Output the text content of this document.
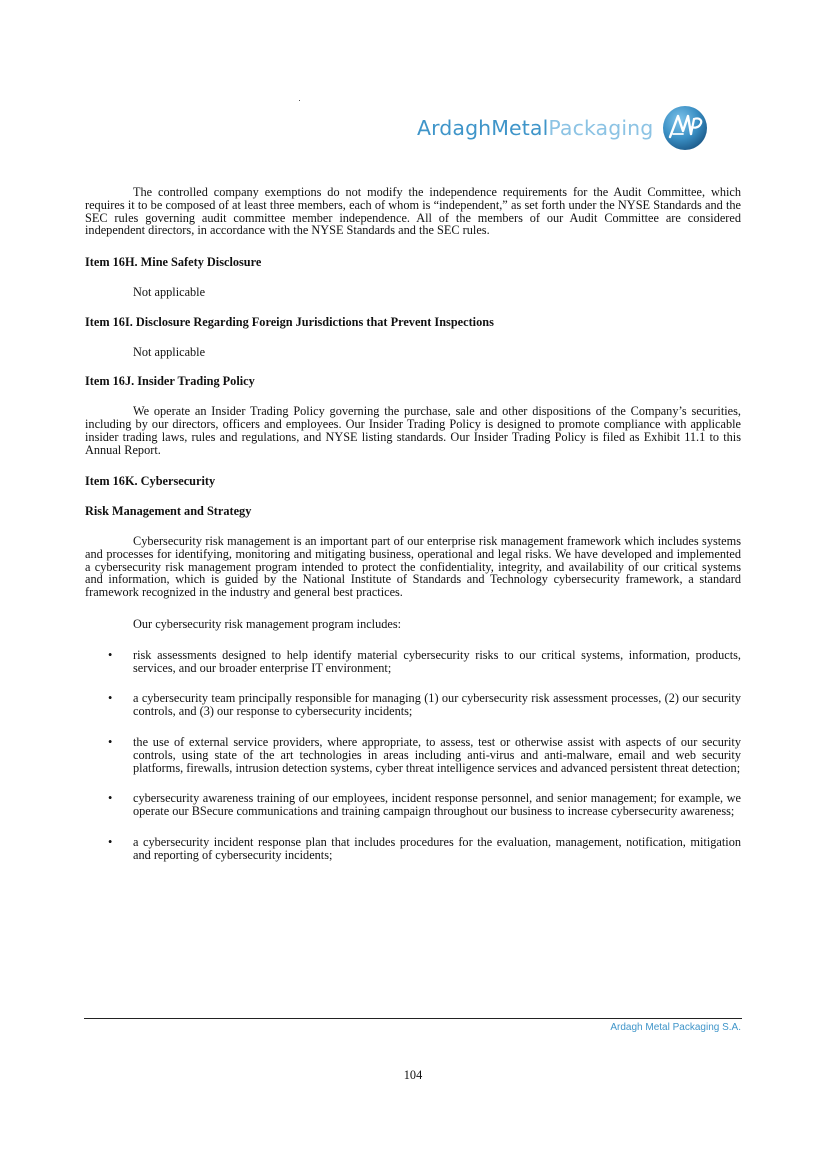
ArdaghMetalPackaging

The controlled company exemptions do not modify the independence requirements for the Audit Committee, which requires it to be composed of at least three members, each of whom is “independent,” as set forth under the NYSE Standards and the SEC rules governing audit committee member independence. All of the members of our Audit Committee are considered independent directors, in accordance with the NYSE Standards and the SEC rules.

Item 16H. Mine Safety Disclosure

Not applicable

Item 16I. Disclosure Regarding Foreign Jurisdictions that Prevent Inspections

Not applicable

Item 16J. Insider Trading Policy

We operate an Insider Trading Policy governing the purchase, sale and other dispositions of the Company’s securities, including by our directors, officers and employees. Our Insider Trading Policy is designed to promote compliance with applicable insider trading laws, rules and regulations, and NYSE listing standards. Our Insider Trading Policy is filed as Exhibit 11.1 to this Annual Report.

Item 16K. Cybersecurity

Risk Management and Strategy

Cybersecurity risk management is an important part of our enterprise risk management framework which includes systems and processes for identifying, monitoring and mitigating business, operational and legal risks. We have developed and implemented a cybersecurity risk management program intended to protect the confidentiality, integrity, and availability of our critical systems and information, which is guided by the National Institute of Standards and Technology cybersecurity framework, a standard framework recognized in the industry and general best practices.

Our cybersecurity risk management program includes:

• risk assessments designed to help identify material cybersecurity risks to our critical systems, information, products, services, and our broader enterprise IT environment;
• a cybersecurity team principally responsible for managing (1) our cybersecurity risk assessment processes, (2) our security controls, and (3) our response to cybersecurity incidents;
• the use of external service providers, where appropriate, to assess, test or otherwise assist with aspects of our security controls, using state of the art technologies in areas including anti-virus and anti-malware, email and web security platforms, firewalls, intrusion detection systems, cyber threat intelligence services and advanced persistent threat detection;
• cybersecurity awareness training of our employees, incident response personnel, and senior management; for example, we operate our BSecure communications and training campaign throughout our business to increase cybersecurity awareness;
• a cybersecurity incident response plan that includes procedures for the evaluation, management, notification, mitigation and reporting of cybersecurity incidents;
Ardagh Metal Packaging S.A.
104
